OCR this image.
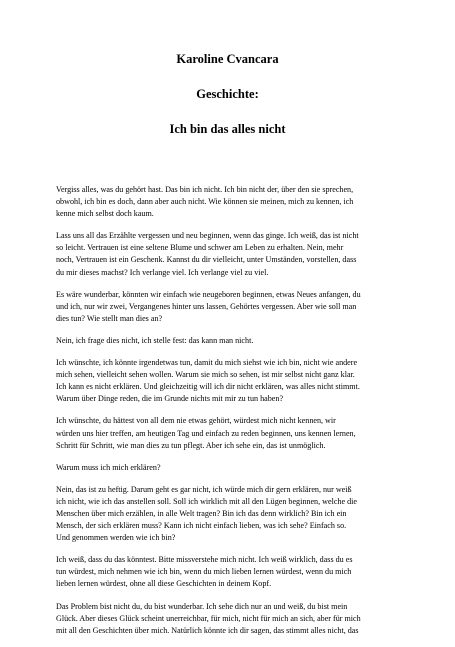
Karoline Cvancara
Geschichte:
Ich bin das alles nicht
Vergiss alles, was du gehört hast. Das bin ich nicht. Ich bin nicht der, über den sie sprechen,
obwohl, ich bin es doch, dann aber auch nicht. Wie können sie meinen, mich zu kennen, ich
kenne mich selbst doch kaum.
Lass uns all das Erzählte vergessen und neu beginnen, wenn das ginge. Ich weiß, das ist nicht
so leicht. Vertrauen ist eine seltene Blume und schwer am Leben zu erhalten. Nein, mehr
noch, Vertrauen ist ein Geschenk. Kannst du dir vielleicht, unter Umständen, vorstellen, dass
du mir dieses machst? Ich verlange viel. Ich verlange viel zu viel.
Es wäre wunderbar, könnten wir einfach wie neugeboren beginnen, etwas Neues anfangen, du
und ich, nur wir zwei, Vergangenes hinter uns lassen, Gehörtes vergessen. Aber wie soll man
dies tun? Wie stellt man dies an?
Nein, ich frage dies nicht, ich stelle fest: das kann man nicht.
Ich wünschte, ich könnte irgendetwas tun, damit du mich siehst wie ich bin, nicht wie andere
mich sehen, vielleicht sehen wollen. Warum sie mich so sehen, ist mir selbst nicht ganz klar.
Ich kann es nicht erklären. Und gleichzeitig will ich dir nicht erklären, was alles nicht stimmt.
Warum über Dinge reden, die im Grunde nichts mit mir zu tun haben?
Ich wünschte, du hättest von all dem nie etwas gehört, würdest mich nicht kennen, wir
würden uns hier treffen, am heutigen Tag und einfach zu reden beginnen, uns kennen lernen,
Schritt für Schritt, wie man dies zu tun pflegt. Aber ich sehe ein, das ist unmöglich.
Warum muss ich mich erklären?
Nein, das ist zu heftig. Darum geht es gar nicht, ich würde mich dir gern erklären, nur weiß
ich nicht, wie ich das anstellen soll. Soll ich wirklich mit all den Lügen beginnen, welche die
Menschen über mich erzählen, in alle Welt tragen? Bin ich das denn wirklich? Bin ich ein
Mensch, der sich erklären muss? Kann ich nicht einfach lieben, was ich sehe? Einfach so.
Und genommen werden wie ich bin?
Ich weiß, dass du das könntest. Bitte missverstehe mich nicht. Ich weiß wirklich, dass du es
tun würdest, mich nehmen wie ich bin, wenn du mich lieben lernen würdest, wenn du mich
lieben lernen würdest, ohne all diese Geschichten in deinem Kopf.
Das Problem bist nicht du, du bist wunderbar. Ich sehe dich nur an und weiß, du bist mein
Glück. Aber dieses Glück scheint unerreichbar, für mich, nicht für mich an sich, aber für mich
mit all den Geschichten über mich. Natürlich könnte ich dir sagen, das stimmt alles nicht, das
